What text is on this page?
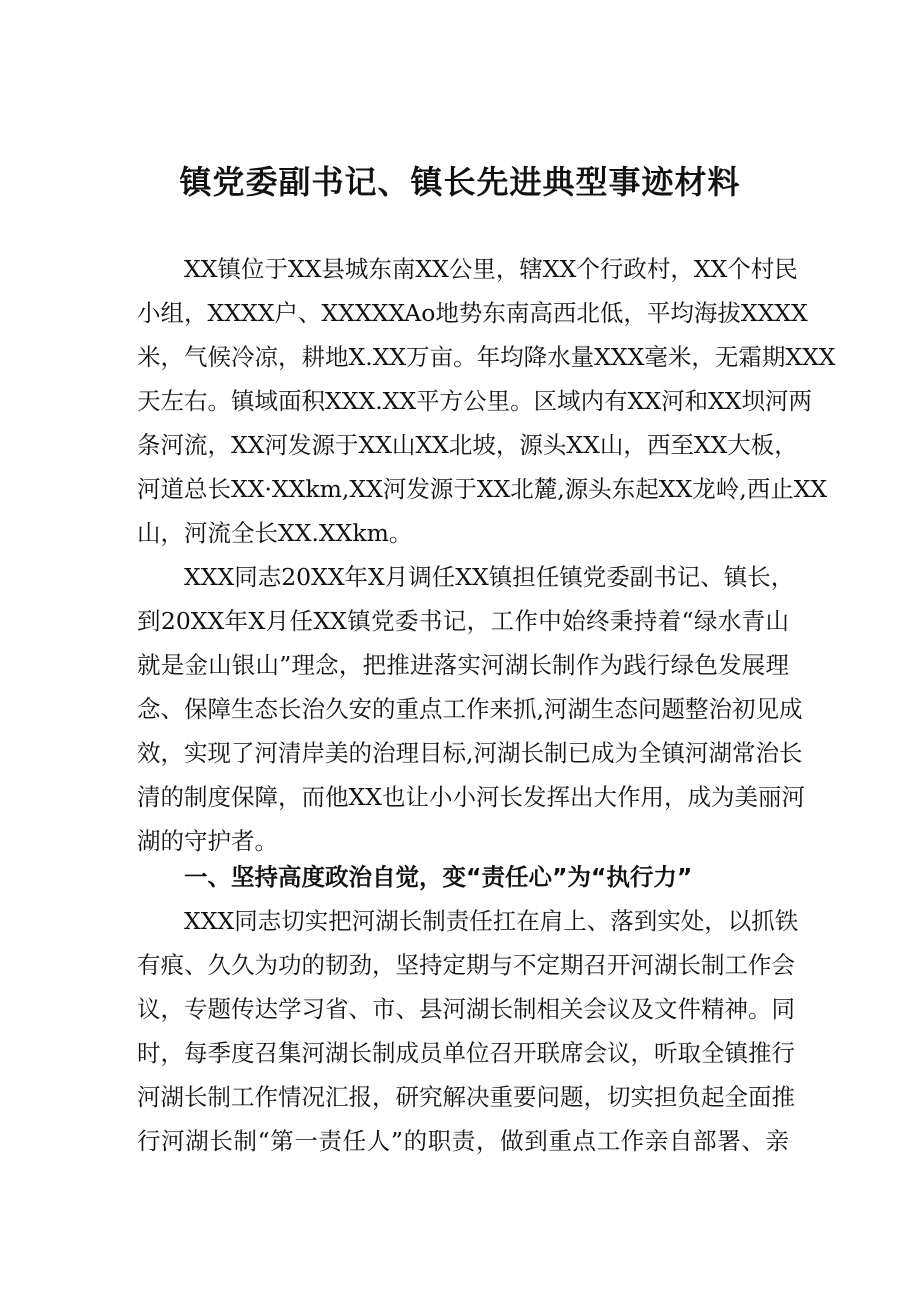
镇党委副书记、镇长先进典型事迹材料

XX镇位于XX县城东南XX公里，辖XX个行政村，XX个村民

小组，XXXX户、XXXXXAo地势东南高西北低，平均海拔XXXX

米，气候冷凉，耕地X.XX万亩。年均降水量XXX毫米，无霜期XXX

天左右。镇域面积XXX.XX平方公里。区域内有XX河和XX坝河两

条河流，XX河发源于XX山XX北坡，源头XX山，西至XX大板，

河道总长XX·XXkm,XX河发源于XX北麓,源头东起XX龙岭,西止XX

山，河流全长XX.XXkm。

XXX同志20XX年X月调任XX镇担任镇党委副书记、镇长，

到20XX年X月任XX镇党委书记，工作中始终秉持着“绿水青山

就是金山银山”理念，把推进落实河湖长制作为践行绿色发展理

念、保障生态长治久安的重点工作来抓,河湖生态问题整治初见成

效，实现了河清岸美的治理目标,河湖长制已成为全镇河湖常治长

清的制度保障，而他XX也让小小河长发挥出大作用，成为美丽河

湖的守护者。

一、坚持高度政治自觉，变“责任心”为“执行力”

XXX同志切实把河湖长制责任扛在肩上、落到实处，以抓铁

有痕、久久为功的韧劲，坚持定期与不定期召开河湖长制工作会

议，专题传达学习省、市、县河湖长制相关会议及文件精神。同

时，每季度召集河湖长制成员单位召开联席会议，听取全镇推行

河湖长制工作情况汇报，研究解决重要问题，切实担负起全面推

行河湖长制“第一责任人”的职责，做到重点工作亲自部署、亲
